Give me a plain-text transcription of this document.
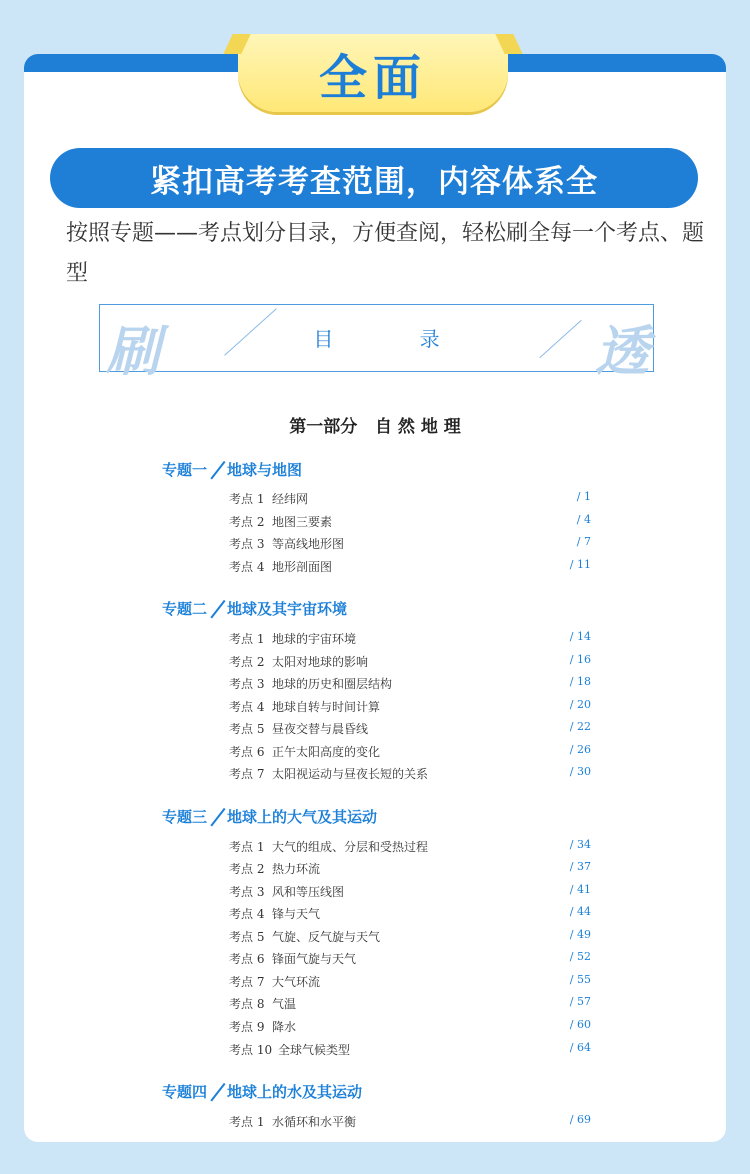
全面
紧扣高考考查范围，内容体系全
按照专题——考点划分目录，方便查阅，轻松刷全每一个考点、题型
刷	目 录	透
第一部分   自 然 地 理
专题一 地球与地图
考点 1 经纬网	/ 1
考点 2 地图三要素	/ 4
考点 3 等高线地形图	/ 7
考点 4 地形剖面图	/ 11
专题二 地球及其宇宙环境
考点 1 地球的宇宙环境	/ 14
考点 2 太阳对地球的影响	/ 16
考点 3 地球的历史和圈层结构	/ 18
考点 4 地球自转与时间计算	/ 20
考点 5 昼夜交替与晨昏线	/ 22
考点 6 正午太阳高度的变化	/ 26
考点 7 太阳视运动与昼夜长短的关系	/ 30
专题三 地球上的大气及其运动
考点 1 大气的组成、分层和受热过程	/ 34
考点 2 热力环流	/ 37
考点 3 风和等压线图	/ 41
考点 4 锋与天气	/ 44
考点 5 气旋、反气旋与天气	/ 49
考点 6 锋面气旋与天气	/ 52
考点 7 大气环流	/ 55
考点 8 气温	/ 57
考点 9 降水	/ 60
考点 10 全球气候类型	/ 64
专题四 地球上的水及其运动
考点 1 水循环和水平衡	/ 69
